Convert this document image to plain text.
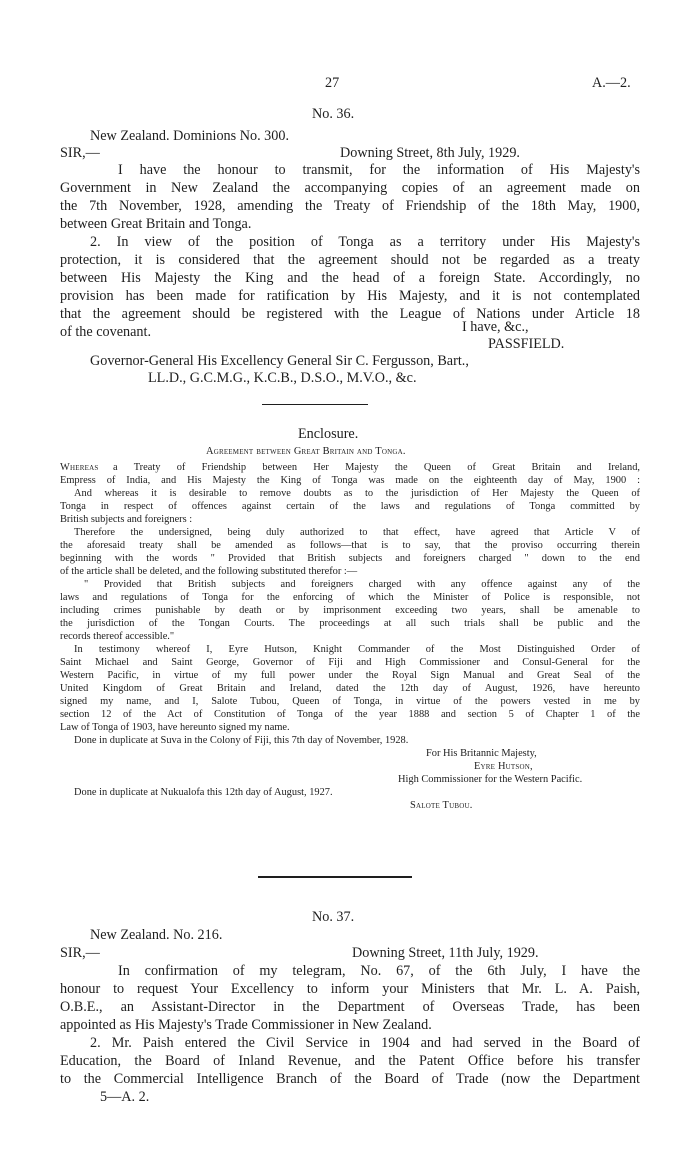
27	A.—2.
No. 36.
New Zealand. Dominions No. 300.
SIR,—	Downing Street, 8th July, 1929.
I have the honour to transmit, for the information of His Majesty's
Government in New Zealand the accompanying copies of an agreement made on
the 7th November, 1928, amending the Treaty of Friendship of the 18th May, 1900,
between Great Britain and Tonga.
2. In view of the position of Tonga as a territory under His Majesty's
protection, it is considered that the agreement should not be regarded as a treaty
between His Majesty the King and the head of a foreign State. Accordingly, no
provision has been made for ratification by His Majesty, and it is not contemplated
that the agreement should be registered with the League of Nations under Article 18
of the covenant.	I have, &c.,
PASSFIELD.
Governor-General His Excellency General Sir C. Fergusson, Bart.,
LL.D., G.C.M.G., K.C.B., D.S.O., M.V.O., &c.
Enclosure.
Agreement between Great Britain and Tonga.
Whereas a Treaty of Friendship between Her Majesty the Queen of Great Britain and Ireland,
Empress of India, and His Majesty the King of Tonga was made on the eighteenth day of May, 1900 :
And whereas it is desirable to remove doubts as to the jurisdiction of Her Majesty the Queen of
Tonga in respect of offences against certain of the laws and regulations of Tonga committed by
British subjects and foreigners :
Therefore the undersigned, being duly authorized to that effect, have agreed that Article V of
the aforesaid treaty shall be amended as follows—that is to say, that the proviso occurring therein
beginning with the words " Provided that British subjects and foreigners charged " down to the end
of the article shall be deleted, and the following substituted therefor :—
" Provided that British subjects and foreigners charged with any offence against any of the
laws and regulations of Tonga for the enforcing of which the Minister of Police is responsible, not
including crimes punishable by death or by imprisonment exceeding two years, shall be amenable to
the jurisdiction of the Tongan Courts. The proceedings at all such trials shall be public and the
records thereof accessible."
In testimony whereof I, Eyre Hutson, Knight Commander of the Most Distinguished Order of
Saint Michael and Saint George, Governor of Fiji and High Commissioner and Consul-General for the
Western Pacific, in virtue of my full power under the Royal Sign Manual and Great Seal of the
United Kingdom of Great Britain and Ireland, dated the 12th day of August, 1926, have hereunto
signed my name, and I, Salote Tubou, Queen of Tonga, in virtue of the powers vested in me by
section 12 of the Act of Constitution of Tonga of the year 1888 and section 5 of Chapter 1 of the
Law of Tonga of 1903, have hereunto signed my name.
Done in duplicate at Suva in the Colony of Fiji, this 7th day of November, 1928.
For His Britannic Majesty,
Eyre Hutson,
High Commissioner for the Western Pacific.
Done in duplicate at Nukualofa this 12th day of August, 1927.
Salote Tubou.
No. 37.
New Zealand. No. 216.
SIR,—	Downing Street, 11th July, 1929.
In confirmation of my telegram, No. 67, of the 6th July, I have the
honour to request Your Excellency to inform your Ministers that Mr. L. A. Paish,
O.B.E., an Assistant-Director in the Department of Overseas Trade, has been
appointed as His Majesty's Trade Commissioner in New Zealand.
2. Mr. Paish entered the Civil Service in 1904 and had served in the Board of
Education, the Board of Inland Revenue, and the Patent Office before his transfer
to the Commercial Intelligence Branch of the Board of Trade (now the Department
5—A. 2.
